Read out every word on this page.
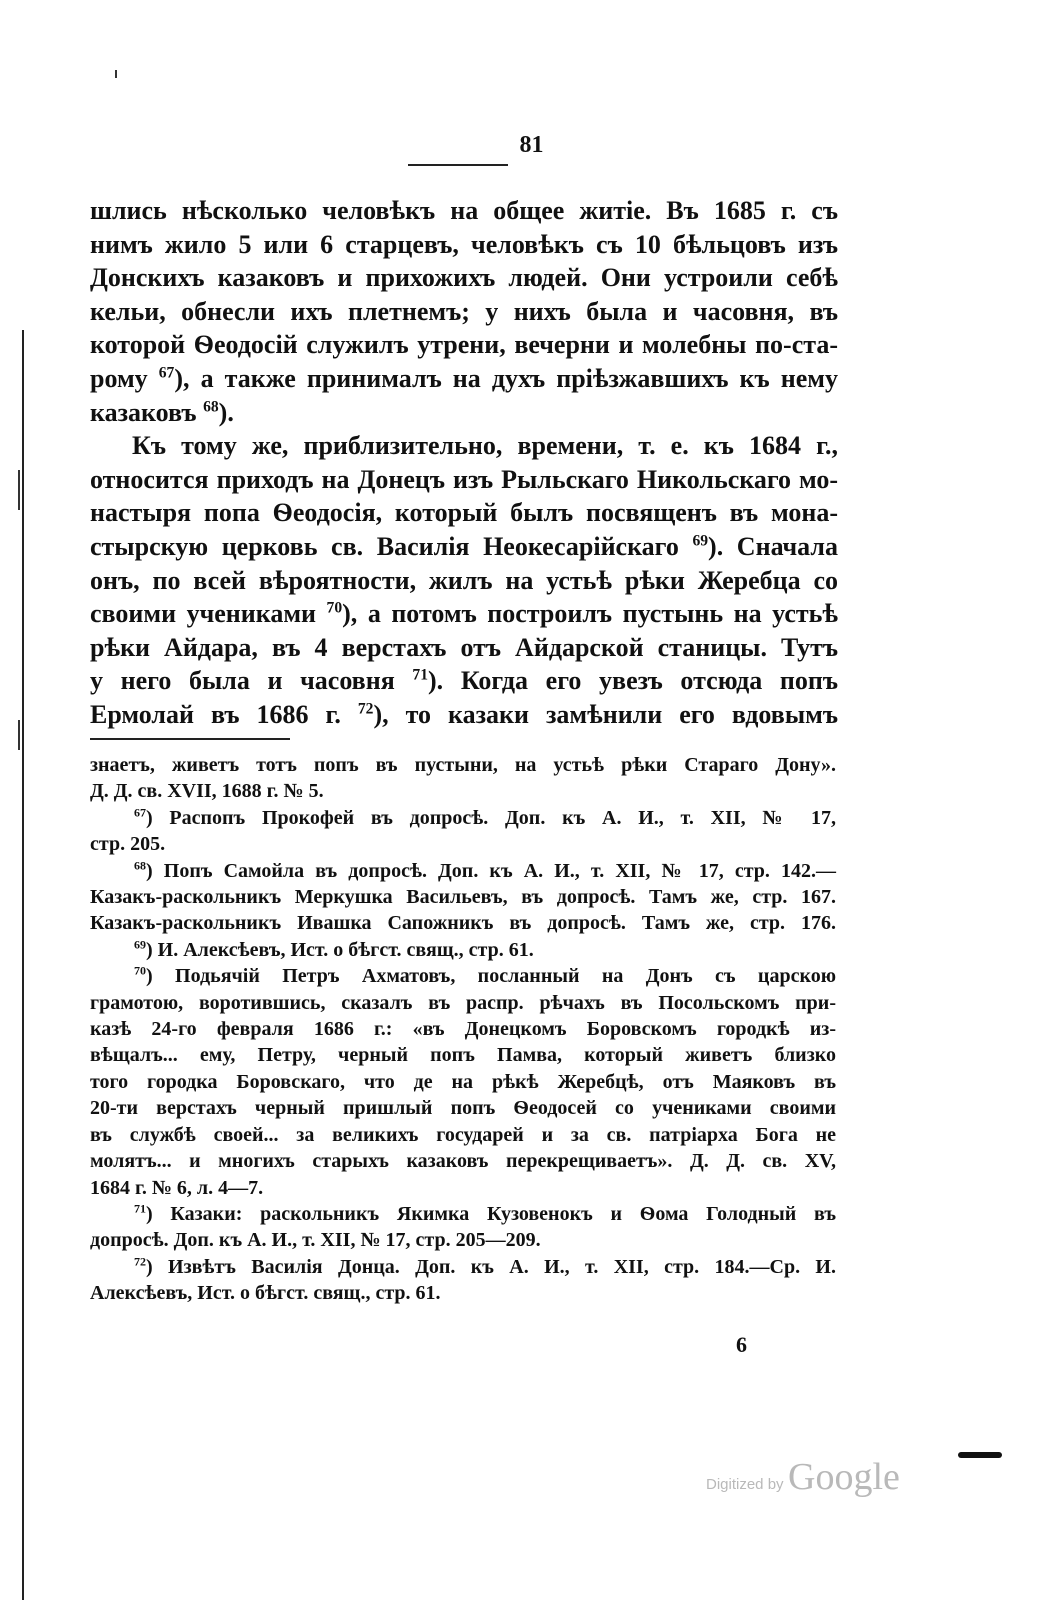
81
шлись нѣсколько человѣкъ на общее житіе. Въ 1685 г. съ
нимъ жило 5 или 6 старцевъ, человѣкъ съ 10 бѣльцовъ изъ
Донскихъ казаковъ и прихожихъ людей. Они устроили себѣ
кельи, обнесли ихъ плетнемъ; у нихъ была и часовня, въ
которой Ѳеодосій служилъ утрени, вечерни и молебны по-ста-
рому $^{67}$), а также принималъ на духъ пріѣзжавшихъ къ нему
казаковъ $^{68}$).
Къ тому же, приблизительно, времени, т. е. къ 1684 г.,
относится приходъ на Донецъ изъ Рыльскаго Никольскаго мо-
настыря попа Ѳеодосія, который былъ посвященъ въ мона-
стырскую церковь св. Василія Неокесарійскаго $^{69}$). Сначала
онъ, по всей вѣроятности, жилъ на устьѣ рѣки Жеребца со
своими учениками $^{70}$), а потомъ построилъ пустынь на устьѣ
рѣки Айдара, въ 4 верстахъ отъ Айдарской станицы. Тутъ
у него была и часовня $^{71}$). Когда его увезъ отсюда попъ
Ермолай въ 1686 г. $^{72}$), то казаки замѣнили его вдовымъ
знаетъ, живетъ тотъ попъ въ пустыни, на устьѣ рѣки Стараго Дону».
Д. Д. св. XVII, 1688 г. № 5.
$^{67}$) Распопъ Прокофей въ допросѣ. Доп. къ А. И., т. XII, № 17,
стр. 205.
$^{68}$) Попъ Самойла въ допросѣ. Доп. къ А. И., т. XII, № 17, стр. 142.—
Казакъ-раскольникъ Меркушка Васильевъ, въ допросѣ. Тамъ же, стр. 167.
Казакъ-раскольникъ Ивашка Сапожникъ въ допросѣ. Тамъ же, стр. 176.
$^{69}$) И. Алексѣевъ, Ист. о бѣгст. свящ., стр. 61.
$^{70}$) Подьячій Петръ Ахматовъ, посланный на Донъ съ царскою
грамотою, воротившись, сказалъ въ распр. рѣчахъ въ Посольскомъ при-
казѣ 24-го февраля 1686 г.: «въ Донецкомъ Боровскомъ городкѣ из-
вѣщалъ... ему, Петру, черный попъ Памва, который живетъ близко
того городка Боровскаго, что де на рѣкѣ Жеребцѣ, отъ Маяковъ въ
20-ти верстахъ черный пришлый попъ Ѳеодосей со учениками своими
въ службѣ своей... за великихъ государей и за св. патріарха Бога не
молятъ... и многихъ старыхъ казаковъ перекрещиваетъ». Д. Д. св. XV,
1684 г. № 6, л. 4—7.
$^{71}$) Казаки: раскольникъ Якимка Кузовенокъ и Ѳома Голодный въ
допросѣ. Доп. къ А. И., т. XII, № 17, стр. 205—209.
$^{72}$) Извѣтъ Василія Донца. Доп. къ А. И., т. XII, стр. 184.—Ср. И.
Алексѣевъ, Ист. о бѣгст. свящ., стр. 61.
6
Digitized by Google
